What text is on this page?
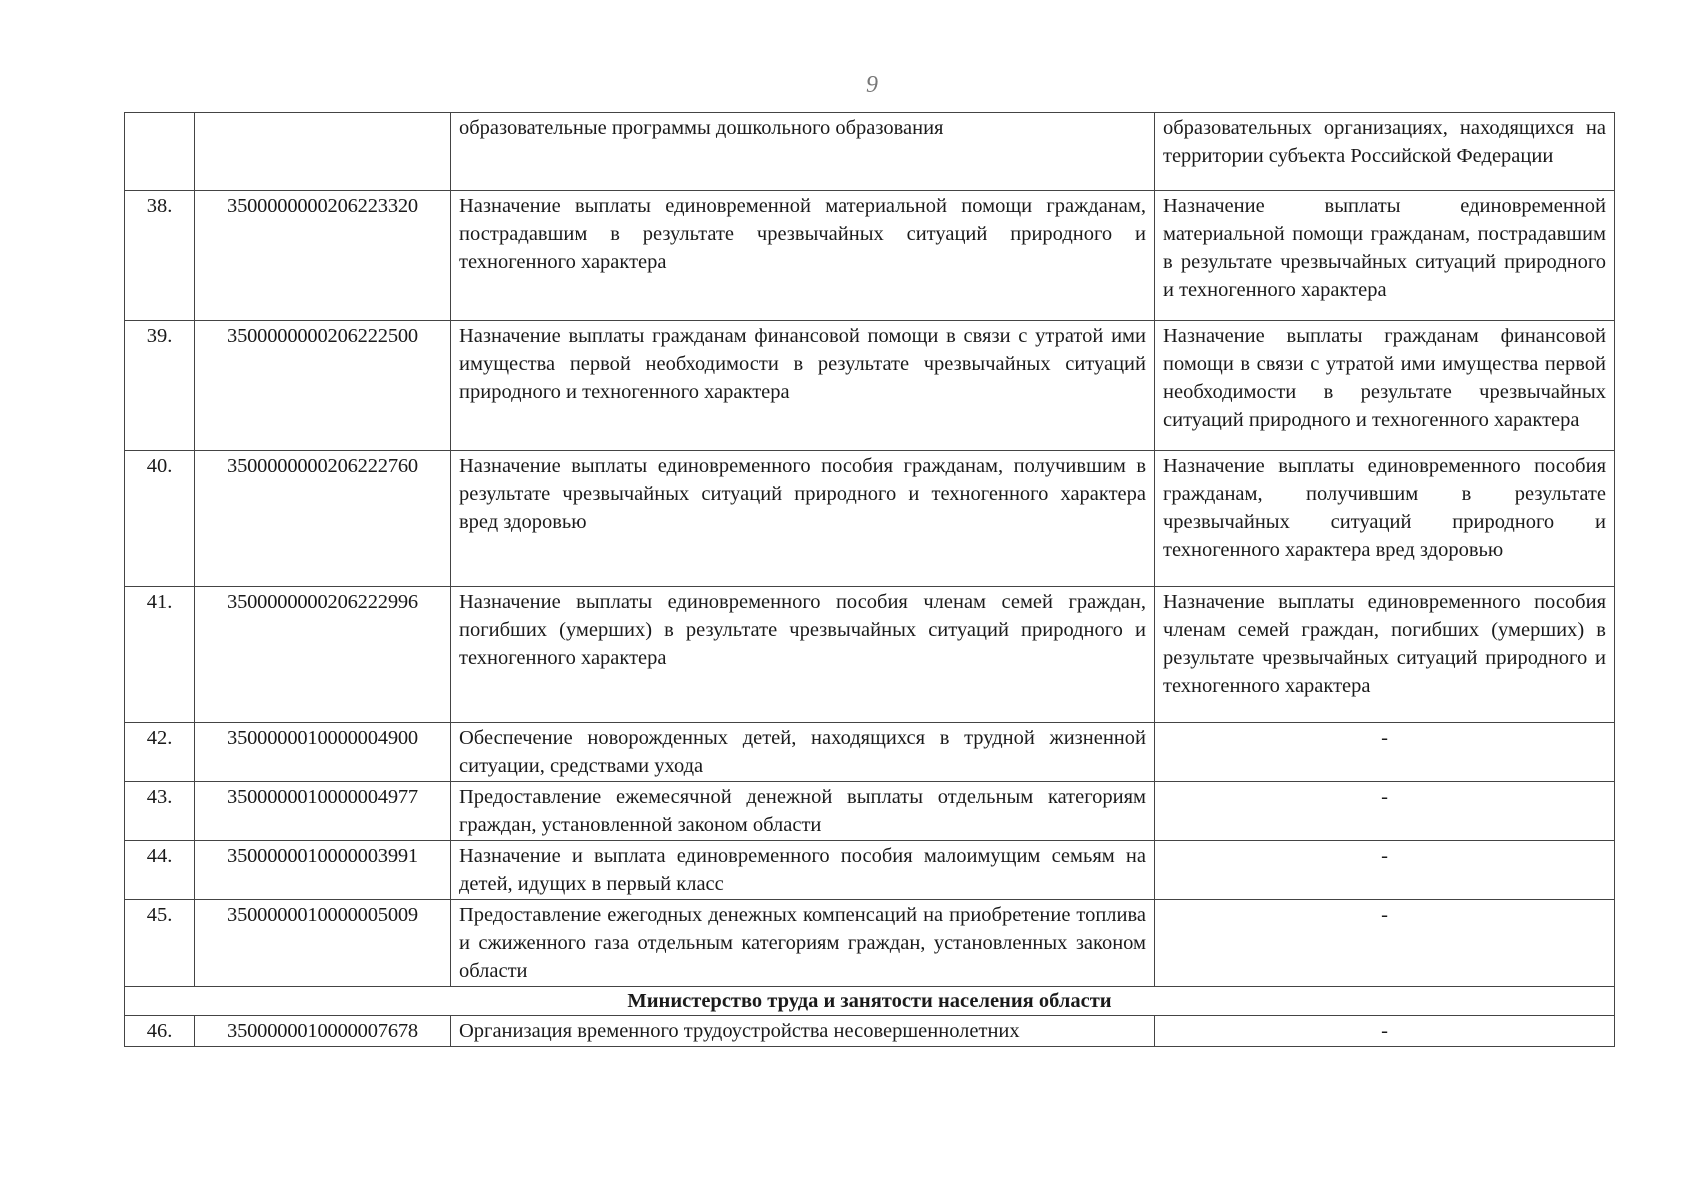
9
		образовательные программы дошкольного образования	образовательных организациях, находящихся на территории субъекта Российской Федерации
38.	3500000000206223320	Назначение выплаты единовременной материальной помощи гражданам, пострадавшим в результате чрезвычайных ситуаций природного и техногенного характера	Назначение выплаты единовременной материальной помощи гражданам, пострадавшим в результате чрезвычайных ситуаций природного и техногенного характера
39.	3500000000206222500	Назначение выплаты гражданам финансовой помощи в связи с утратой ими имущества первой необходимости в результате чрезвычайных ситуаций природного и техногенного характера	Назначение выплаты гражданам финансовой помощи в связи с утратой ими имущества первой необходимости в результате чрезвычайных ситуаций природного и техногенного характера
40.	3500000000206222760	Назначение выплаты единовременного пособия гражданам, получившим в результате чрезвычайных ситуаций природного и техногенного характера вред здоровью	Назначение выплаты единовременного пособия гражданам, получившим в результате чрезвычайных ситуаций природного и техногенного характера вред здоровью
41.	3500000000206222996	Назначение выплаты единовременного пособия членам семей граждан, погибших (умерших) в результате чрезвычайных ситуаций природного и техногенного характера	Назначение выплаты единовременного пособия членам семей граждан, погибших (умерших) в результате чрезвычайных ситуаций природного и техногенного характера
42.	3500000010000004900	Обеспечение новорожденных детей, находящихся в трудной жизненной ситуации, средствами ухода	-
43.	3500000010000004977	Предоставление ежемесячной денежной выплаты отдельным категориям граждан, установленной законом области	-
44.	3500000010000003991	Назначение и выплата единовременного пособия малоимущим семьям на детей, идущих в первый класс	-
45.	3500000010000005009	Предоставление ежегодных денежных компенсаций на приобретение топлива и сжиженного газа отдельным категориям граждан, установленных законом области	-
Министерство труда и занятости населения области			
46.	3500000010000007678	Организация временного трудоустройства несовершеннолетних	-
